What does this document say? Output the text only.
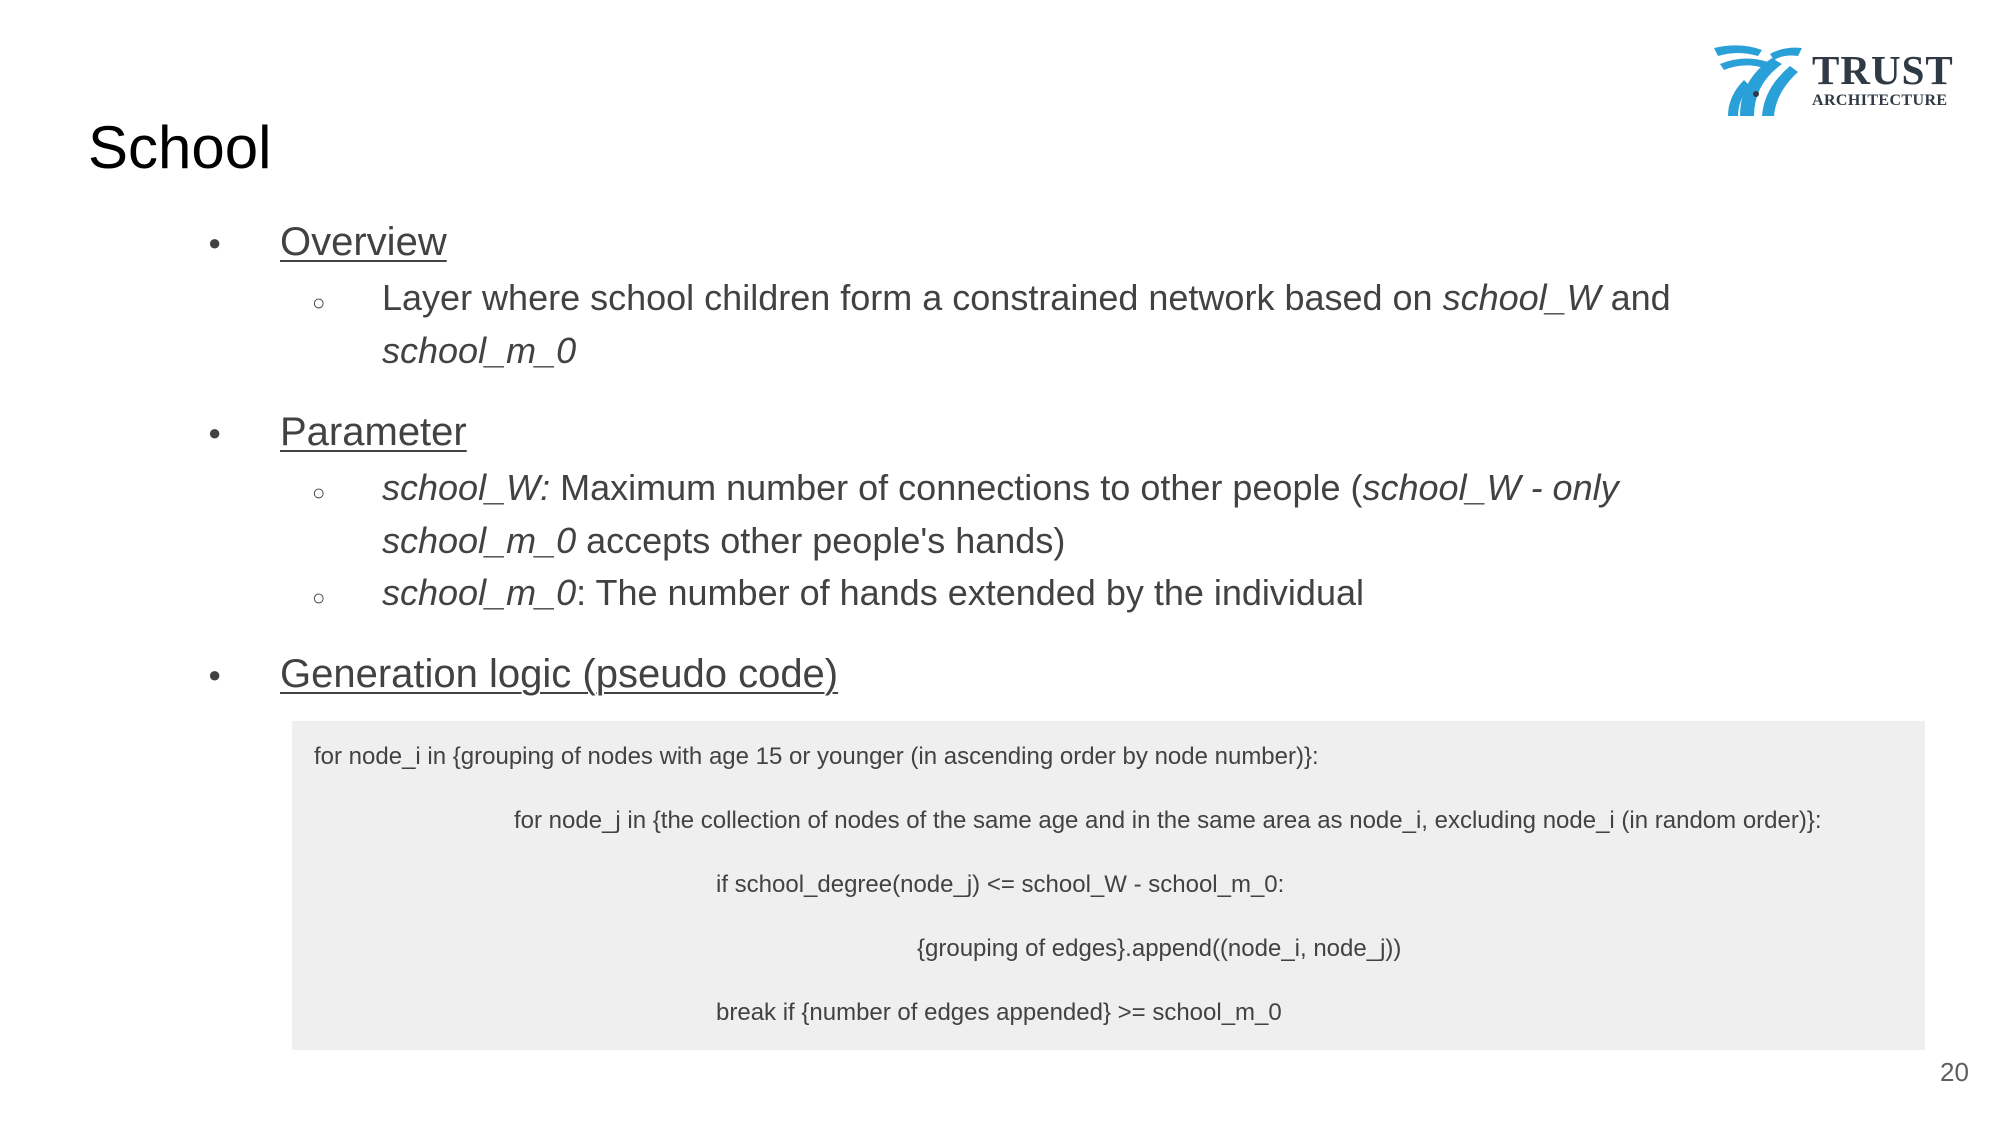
School
TRUST
ARCHITECTURE
● Overview
○ Layer where school children form a constrained network based on school_W and school_m_0
● Parameter
○ school_W: Maximum number of connections to other people (school_W - only school_m_0 accepts other people's hands)
○ school_m_0: The number of hands extended by the individual
● Generation logic (pseudo code)
for node_i in {grouping of nodes with age 15 or younger (in ascending order by node number)}:
for node_j in {the collection of nodes of the same age and in the same area as node_i, excluding node_i (in random order)}:
if school_degree(node_j) <= school_W - school_m_0:
{grouping of edges}.append((node_i, node_j))
break if {number of edges appended} >= school_m_0
20
